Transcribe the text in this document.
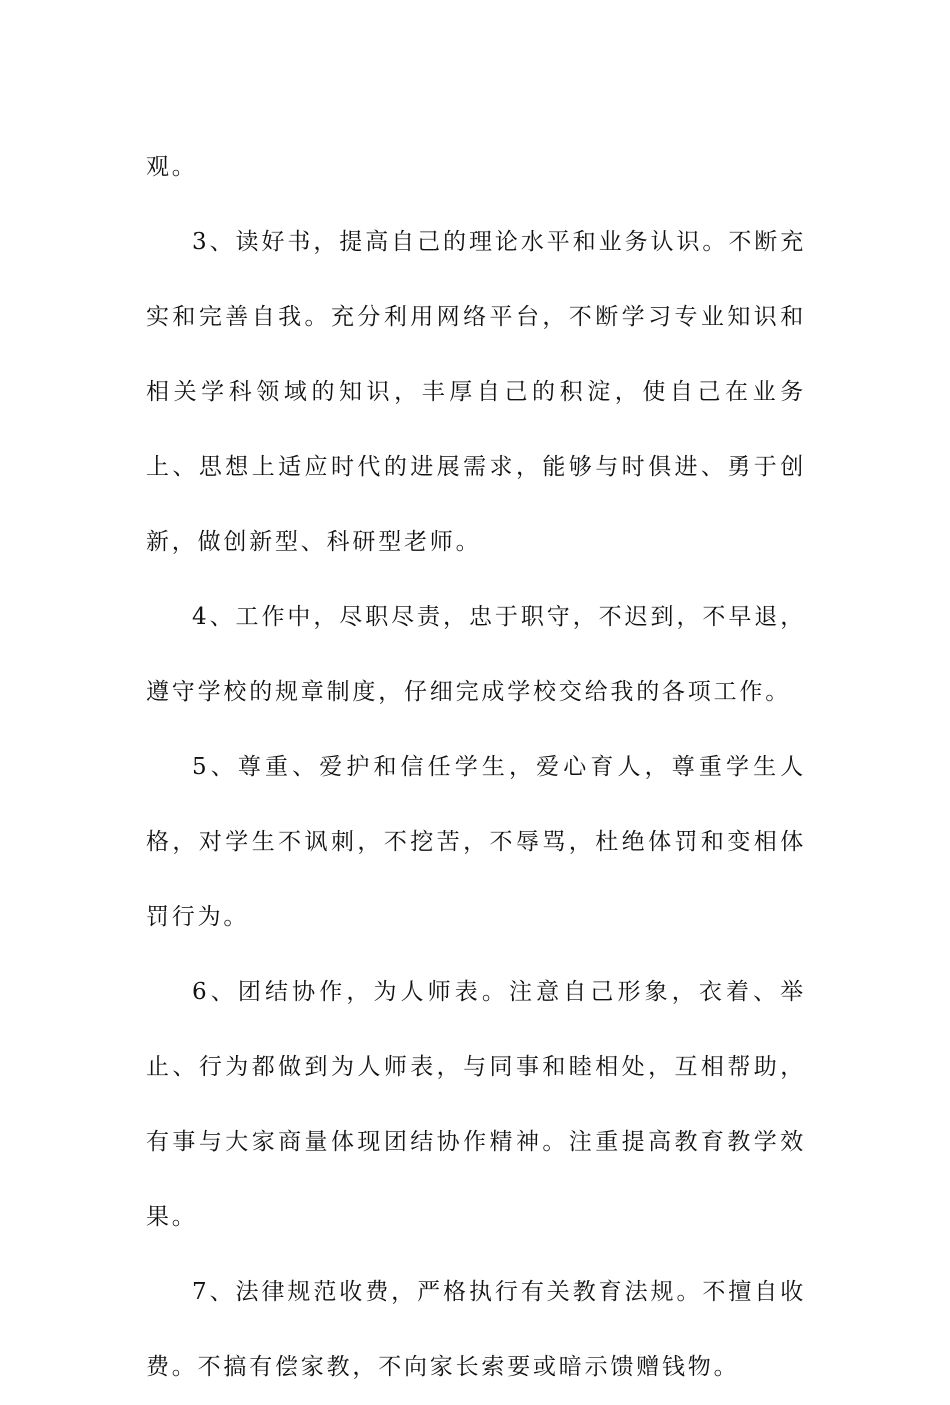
观。

3、读好书，提高自己的理论水平和业务认识。不断充实和完善自我。充分利用网络平台，不断学习专业知识和相关学科领域的知识，丰厚自己的积淀，使自己在业务上、思想上适应时代的进展需求，能够与时俱进、勇于创新，做创新型、科研型老师。

4、工作中，尽职尽责，忠于职守，不迟到，不早退，遵守学校的规章制度，仔细完成学校交给我的各项工作。

5、尊重、爱护和信任学生，爱心育人，尊重学生人格，对学生不讽刺，不挖苦，不辱骂，杜绝体罚和变相体罚行为。

6、团结协作，为人师表。注意自己形象，衣着、举止、行为都做到为人师表，与同事和睦相处，互相帮助，有事与大家商量体现团结协作精神。注重提高教育教学效果。

7、法律规范收费，严格执行有关教育法规。不擅自收费。不搞有偿家教，不向家长索要或暗示馈赠钱物。
